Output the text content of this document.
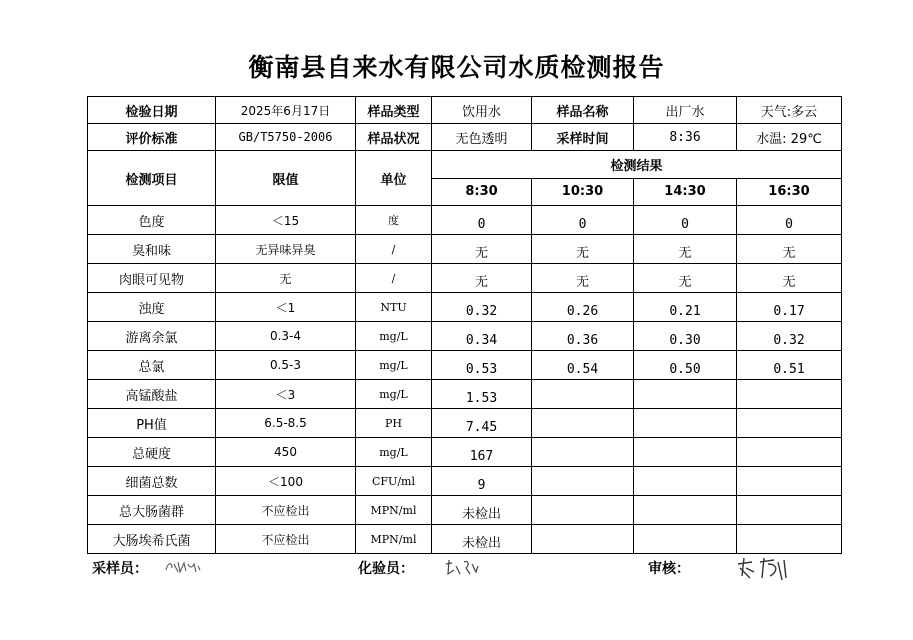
衡南县自来水有限公司水质检测报告
检验日期	2025年6月17日	样品类型	饮用水	样品名称	出厂水	天气:多云
评价标准	GB/T5750-2006	样品状况	无色透明	采样时间	8:36	水温: 29℃
检测项目	限值	单位	检测结果			
			8:30	10:30	14:30	16:30
色度	＜15	度	0	0	0	0
臭和味	无异味异臭	/	无	无	无	无
肉眼可见物	无	/	无	无	无	无
浊度	＜1	NTU	0.32	0.26	0.21	0.17
游离余氯	0.3-4	mg/L	0.34	0.36	0.30	0.32
总氯	0.5-3	mg/L	0.53	0.54	0.50	0.51
高锰酸盐	＜3	mg/L	1.53			
PH值	6.5-8.5	PH	7.45			
总硬度	450	mg/L	167			
细菌总数	＜100	CFU/ml	9			
总大肠菌群	不应检出	MPN/ml	未检出			
大肠埃希氏菌	不应检出	MPN/ml	未检出			
采样员：	化验员：	审核：
